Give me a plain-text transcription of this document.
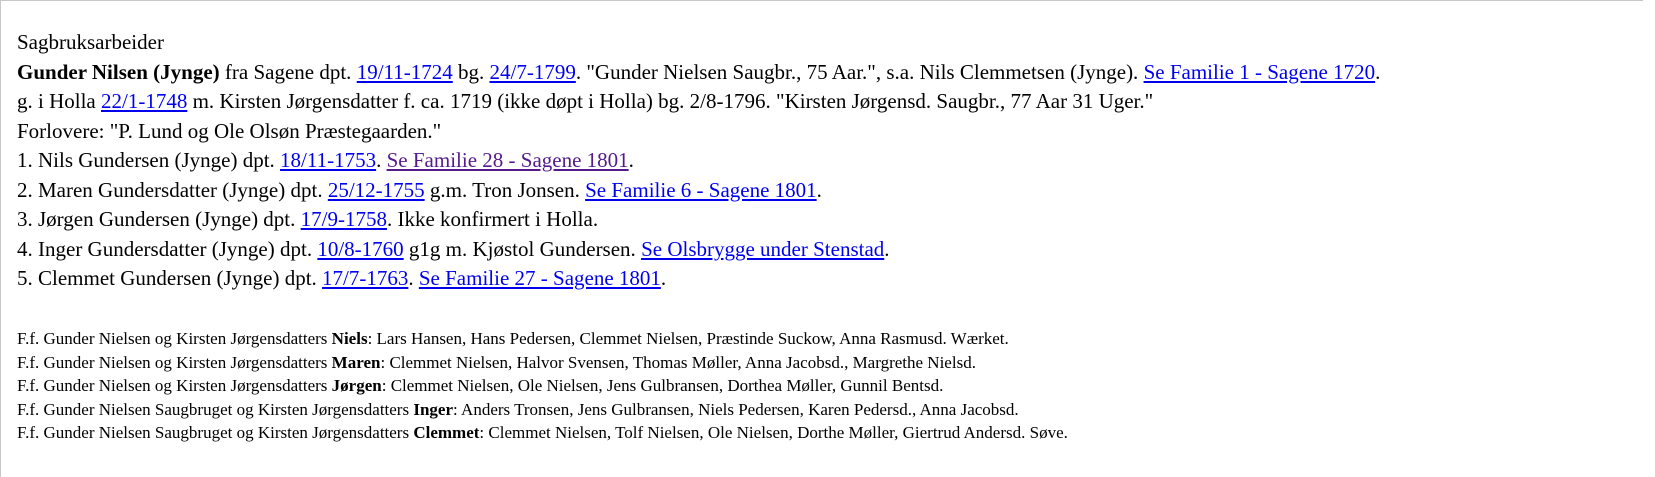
Sagbruksarbeider
Gunder Nilsen (Jynge) fra Sagene dpt. 19/11-1724 bg. 24/7-1799. "Gunder Nielsen Saugbr., 75 Aar.", s.a. Nils Clemmetsen (Jynge). Se Familie 1 - Sagene 1720.
g. i Holla 22/1-1748 m. Kirsten Jørgensdatter f. ca. 1719 (ikke døpt i Holla) bg. 2/8-1796. "Kirsten Jørgensd. Saugbr., 77 Aar 31 Uger."
Forlovere: "P. Lund og Ole Olsøn Præstegaarden."
1. Nils Gundersen (Jynge) dpt. 18/11-1753. Se Familie 28 - Sagene 1801.
2. Maren Gundersdatter (Jynge) dpt. 25/12-1755 g.m. Tron Jonsen. Se Familie 6 - Sagene 1801.
3. Jørgen Gundersen (Jynge) dpt. 17/9-1758. Ikke konfirmert i Holla.
4. Inger Gundersdatter (Jynge) dpt. 10/8-1760 g1g m. Kjøstol Gundersen. Se Olsbrygge under Stenstad.
5. Clemmet Gundersen (Jynge) dpt. 17/7-1763. Se Familie 27 - Sagene 1801.
F.f. Gunder Nielsen og Kirsten Jørgensdatters Niels: Lars Hansen, Hans Pedersen, Clemmet Nielsen, Præstinde Suckow, Anna Rasmusd. Wærket.
F.f. Gunder Nielsen og Kirsten Jørgensdatters Maren: Clemmet Nielsen, Halvor Svensen, Thomas Møller, Anna Jacobsd., Margrethe Nielsd.
F.f. Gunder Nielsen og Kirsten Jørgensdatters Jørgen: Clemmet Nielsen, Ole Nielsen, Jens Gulbransen, Dorthea Møller, Gunnil Bentsd.
F.f. Gunder Nielsen Saugbruget og Kirsten Jørgensdatters Inger: Anders Tronsen, Jens Gulbransen, Niels Pedersen, Karen Pedersd., Anna Jacobsd.
F.f. Gunder Nielsen Saugbruget og Kirsten Jørgensdatters Clemmet: Clemmet Nielsen, Tolf Nielsen, Ole Nielsen, Dorthe Møller, Giertrud Andersd. Søve.
